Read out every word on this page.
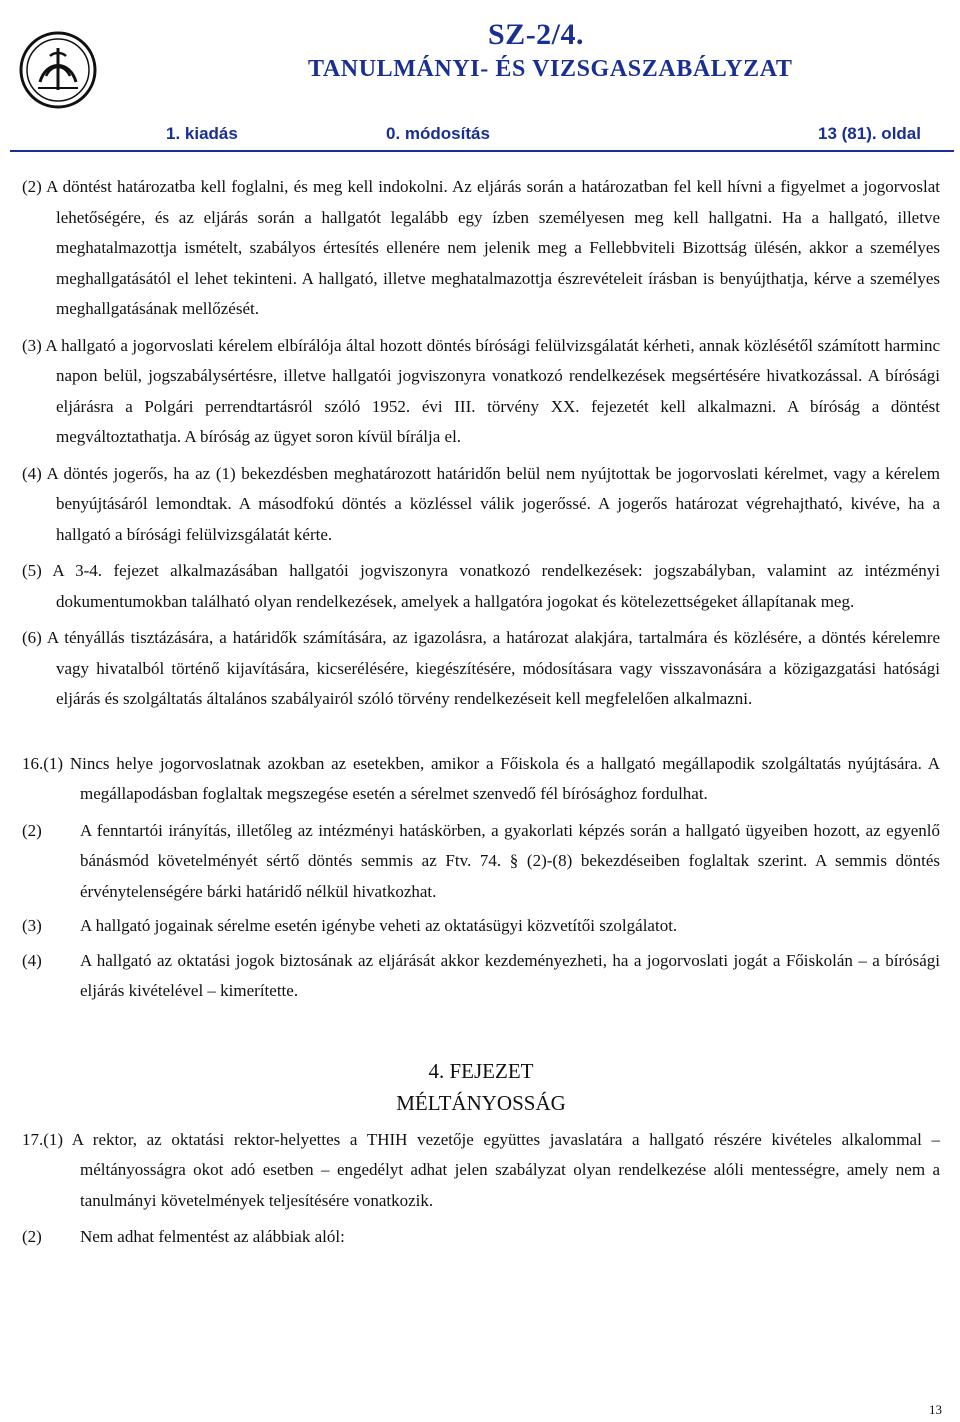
SZ-2/4.
TANULMÁNYI- ÉS VIZSGASZABÁLYZAT
1. kiadás	0. módosítás	13 (81). oldal

(2) A döntést határozatba kell foglalni, és meg kell indokolni. Az eljárás során a határozatban fel kell hívni a figyelmet a jogorvoslat lehetőségére, és az eljárás során a hallgatót legalább egy ízben személyesen meg kell hallgatni. Ha a hallgató, illetve meghatalmazottja ismételt, szabályos értesítés ellenére nem jelenik meg a Fellebbviteli Bizottság ülésén, akkor a személyes meghallgatásától el lehet tekinteni. A hallgató, illetve meghatalmazottja észrevételeit írásban is benyújthatja, kérve a személyes meghallgatásának mellőzését.

(3) A hallgató a jogorvoslati kérelem elbírálója által hozott döntés bírósági felülvizsgálatát kérheti, annak közlésétől számított harminc napon belül, jogszabálysértésre, illetve hallgatói jogviszonyra vonatkozó rendelkezések megsértésére hivatkozással. A bírósági eljárásra a Polgári perrendtartásról szóló 1952. évi III. törvény XX. fejezetét kell alkalmazni. A bíróság a döntést megváltoztathatja. A bíróság az ügyet soron kívül bírálja el.

(4) A döntés jogerős, ha az (1) bekezdésben meghatározott határidőn belül nem nyújtottak be jogorvoslati kérelmet, vagy a kérelem benyújtásáról lemondtak. A másodfokú döntés a közléssel válik jogerőssé. A jogerős határozat végrehajtható, kivéve, ha a hallgató a bírósági felülvizsgálatát kérte.

(5) A 3-4. fejezet alkalmazásában hallgatói jogviszonyra vonatkozó rendelkezések: jogszabályban, valamint az intézményi dokumentumokban található olyan rendelkezések, amelyek a hallgatóra jogokat és kötelezettségeket állapítanak meg.

(6) A tényállás tisztázására, a határidők számítására, az igazolásra, a határozat alakjára, tartalmára és közlésére, a döntés kérelemre vagy hivatalból történő kijavítására, kicserélésére, kiegészítésére, módosításara vagy visszavonására a közigazgatási hatósági eljárás és szolgáltatás általános szabályairól szóló törvény rendelkezéseit kell megfelelően alkalmazni.

16.(1) Nincs helye jogorvoslatnak azokban az esetekben, amikor a Főiskola és a hallgató megállapodik szolgáltatás nyújtására. A megállapodásban foglaltak megszegése esetén a sérelmet szenvedő fél bírósághoz fordulhat.

(2)	A fenntartói irányítás, illetőleg az intézményi hatáskörben, a gyakorlati képzés során a hallgató ügyeiben hozott, az egyenlő bánásmód követelményét sértő döntés semmis az Ftv. 74. § (2)-(8) bekezdéseiben foglaltak szerint. A semmis döntés érvénytelenségére bárki határidő nélkül hivatkozhat.
(3)	A hallgató jogainak sérelme esetén igénybe veheti az oktatásügyi közvetítői szolgálatot.
(4)	A hallgató az oktatási jogok biztosának az eljárását akkor kezdeményezheti, ha a jogorvoslati jogát a Főiskolán – a bírósági eljárás kivételével – kimerítette.

4. FEJEZET

MÉLTÁNYOSSÁG

17.(1) A rektor, az oktatási rektor-helyettes a THIH vezetője együttes javaslatára a hallgató részére kivételes alkalommal – méltányosságra okot adó esetben – engedélyt adhat jelen szabályzat olyan rendelkezése alóli mentességre, amely nem a tanulmányi követelmények teljesítésére vonatkozik.

(2)	Nem adhat felmentést az alábbiak alól:
13
